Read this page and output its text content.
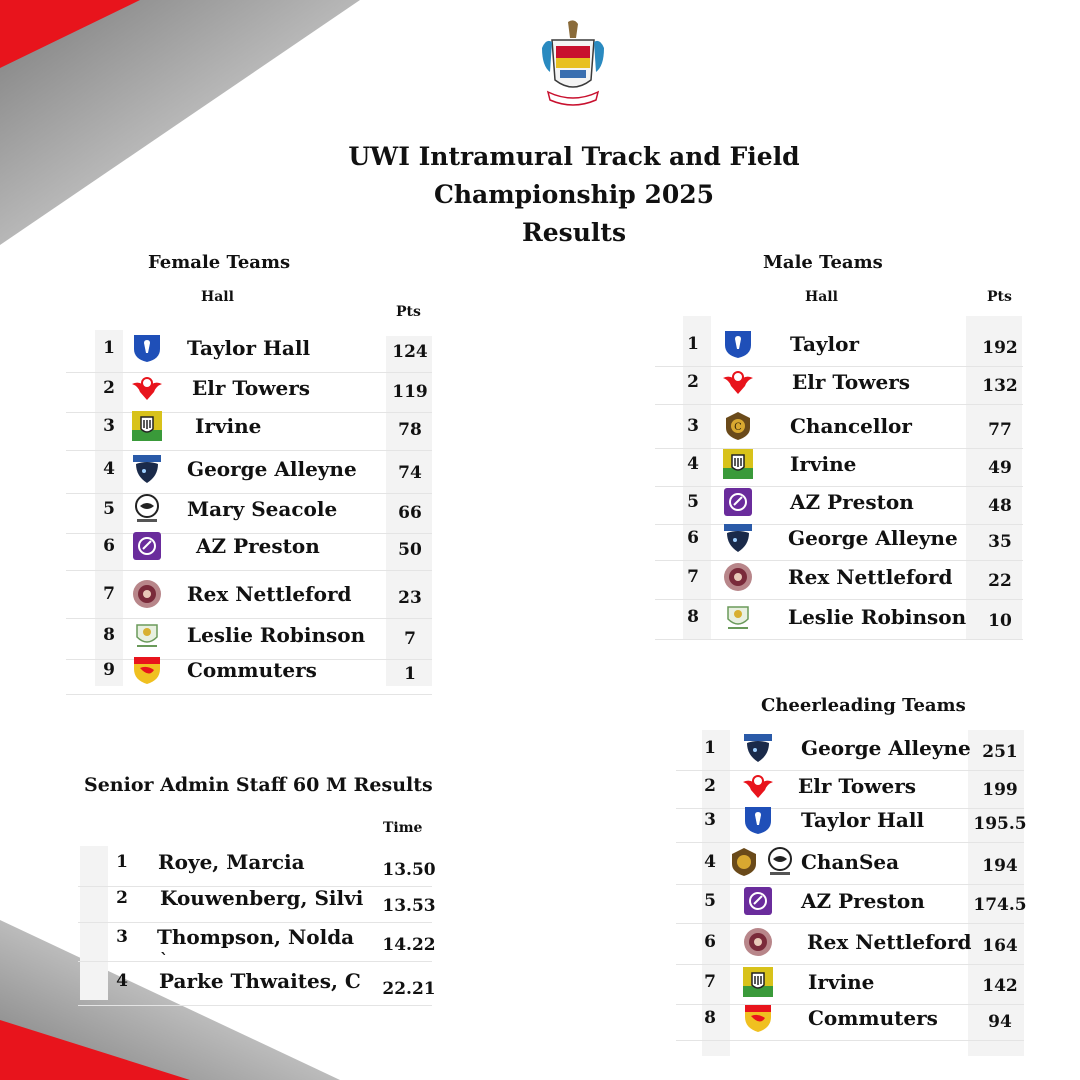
UWI Intramural Track and Field
Championship 2025
Results
Female Teams
Hall
Pts
Male Teams
Hall	Pts
Cheerleading Teams
Senior Admin Staff 60 M Results
Time
1	Taylor Hall	124
2	Elr Towers	119
3	Irvine	78
4	George Alleyne	74
5	Mary Seacole	66
6	AZ Preston	50
7	Rex Nettleford	23
8	Leslie Robinson	7
9	Commuters	1
1	Taylor	192
2	Elr Towers	132
3	C Chancellor	77
4	Irvine	49
5	AZ Preston	48
6	George Alleyne	35
7	Rex Nettleford	22
8	Leslie Robinson	10
1	George Alleyne 251
2	Elr Towers	199
3	Taylor Hall	195.5
4	ChanSea	194
5	AZ Preston	174.5
6	Rex Nettleford 164
7	Irvine	142
8	Commuters	94
1 Roye, Marcia	13.50
2 Kouwenberg, Silvi 13.53
3 Thompson, Nolda 14.22
4 Parke Thwaites, C 22.21
`
